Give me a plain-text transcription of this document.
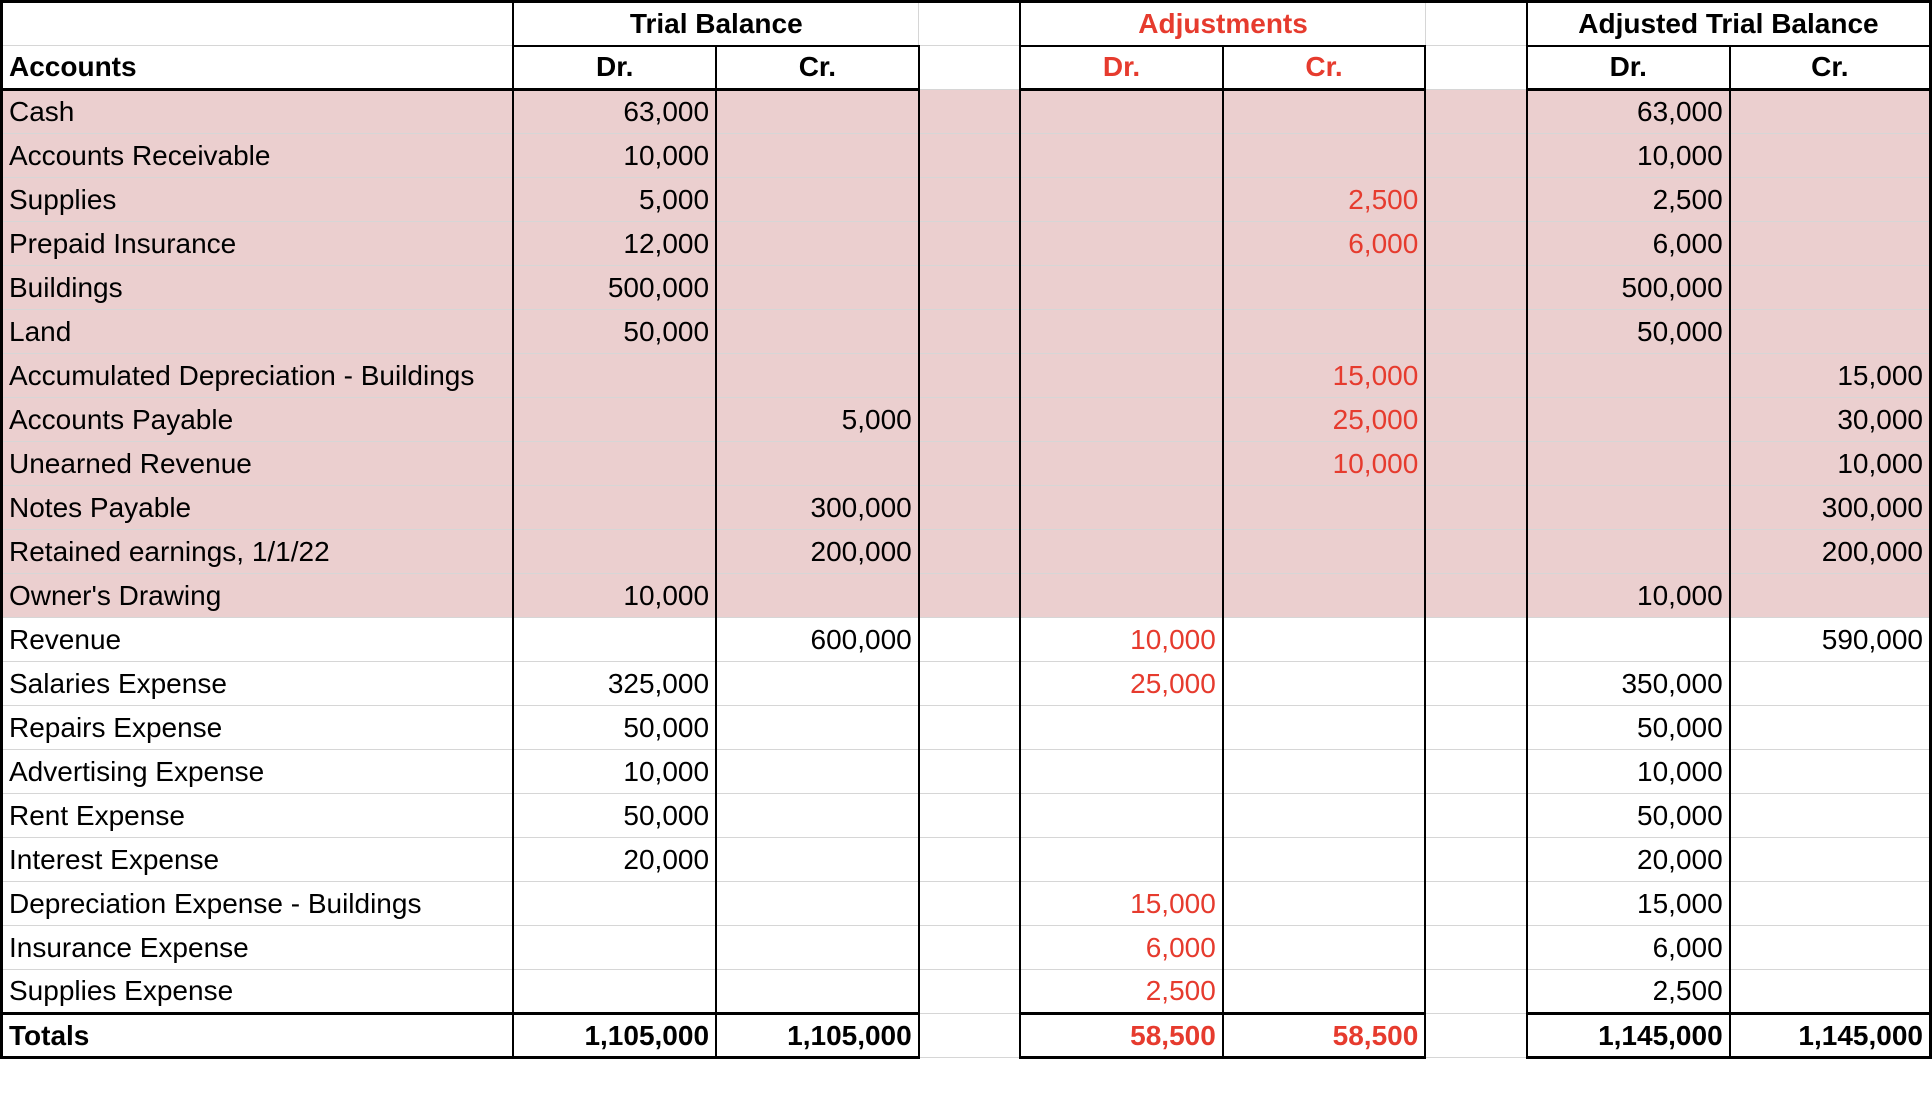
	Trial Balance			Adjustments			Adjusted Trial Balance	
Accounts	Dr.	Cr.		Dr.	Cr.		Dr.	Cr.
Cash	63,000						63,000	
Accounts Receivable	10,000						10,000	
Supplies	5,000				2,500		2,500	
Prepaid Insurance	12,000				6,000		6,000	
Buildings	500,000						500,000	
Land	50,000						50,000	
Accumulated Depreciation - Buildings					15,000			15,000
Accounts Payable		5,000			25,000			30,000
Unearned Revenue					10,000			10,000
Notes Payable		300,000						300,000
Retained earnings, 1/1/22		200,000						200,000
Owner's Drawing	10,000						10,000	
Revenue		600,000		10,000				590,000
Salaries Expense	325,000			25,000			350,000	
Repairs Expense	50,000						50,000	
Advertising Expense	10,000						10,000	
Rent Expense	50,000						50,000	
Interest Expense	20,000						20,000	
Depreciation Expense - Buildings				15,000			15,000	
Insurance Expense				6,000			6,000	
Supplies Expense				2,500			2,500	
Totals	1,105,000	1,105,000		58,500	58,500		1,145,000	1,145,000
